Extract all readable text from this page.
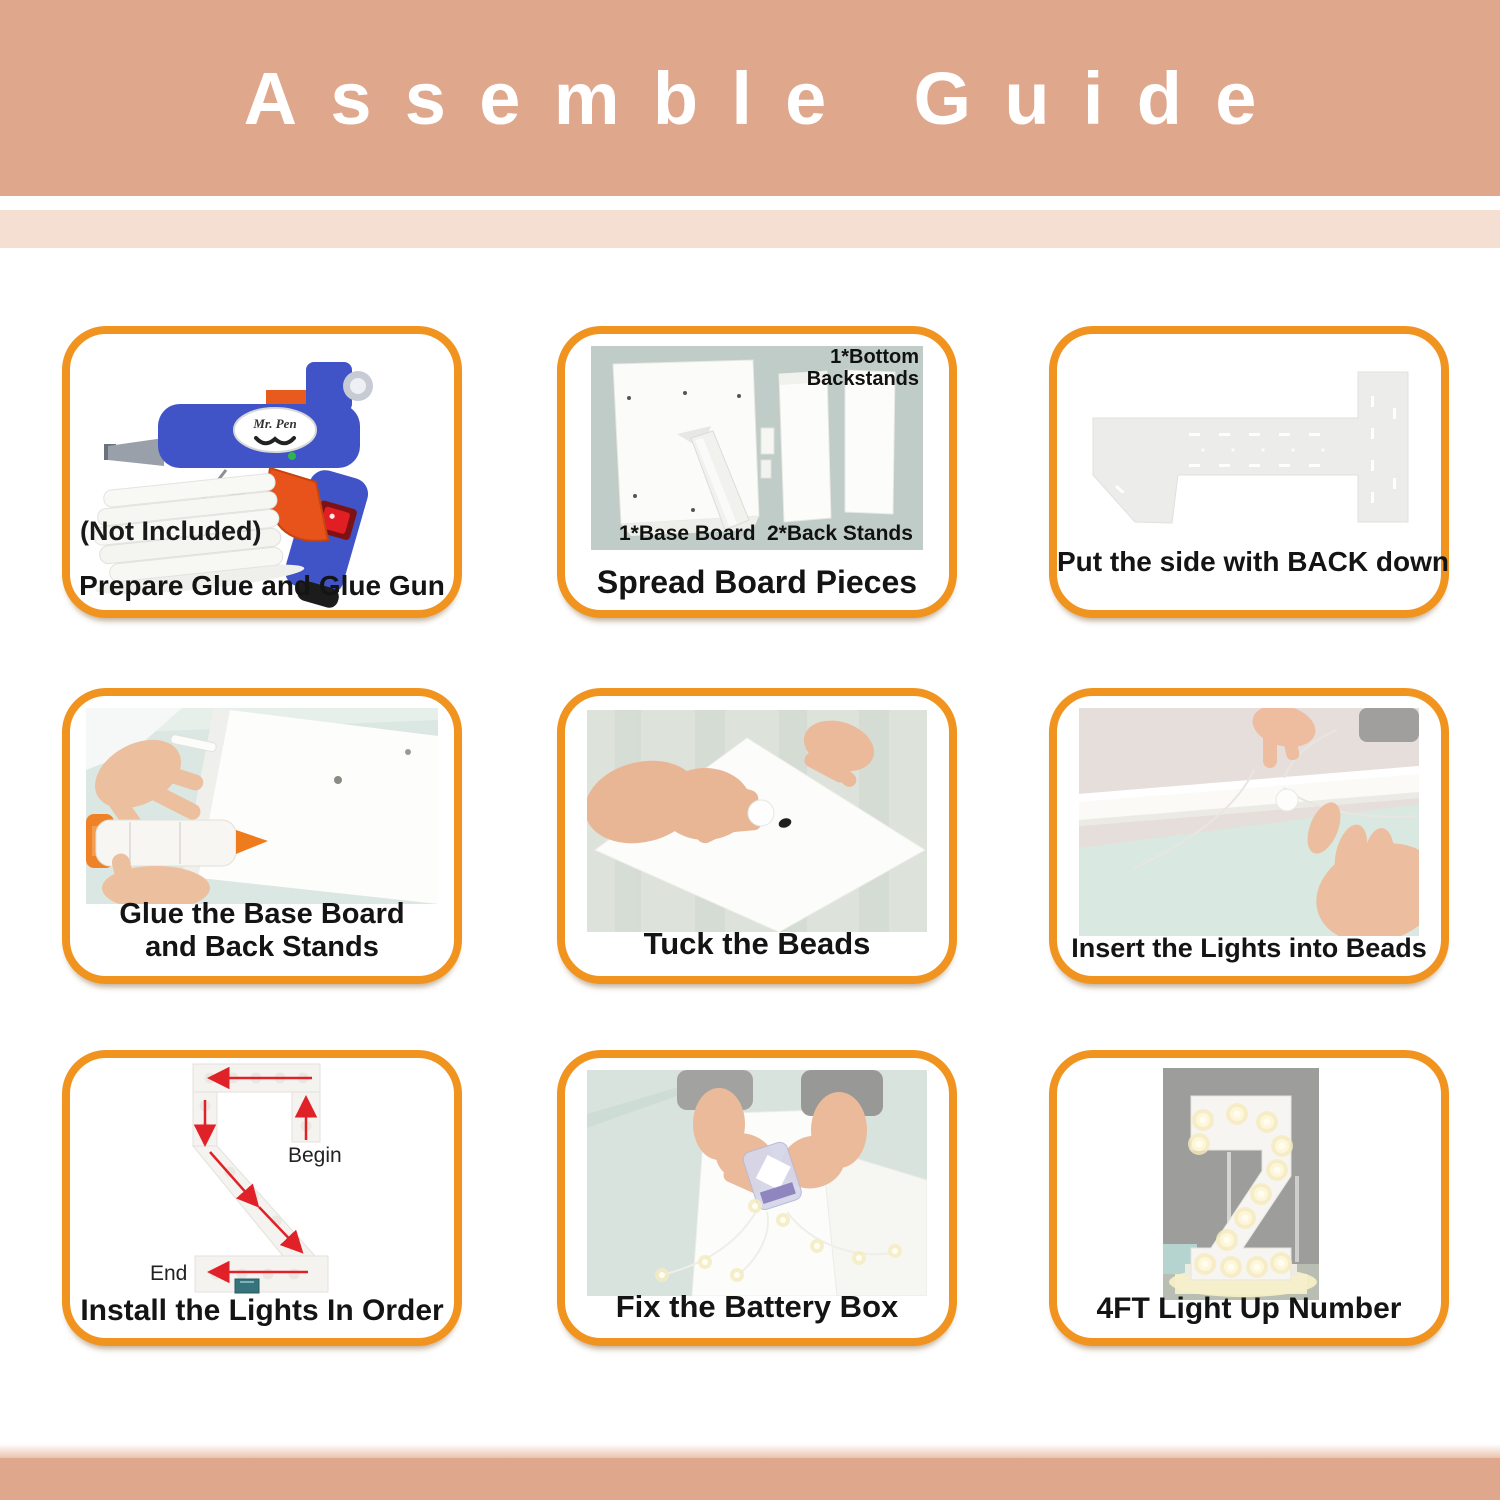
Assemble Guide
Mr. Pen
(Not Included)
Prepare Glue and Glue Gun
1*Bottom
Backstands
1*Base Board 2*Back Stands
Spread Board Pieces
Put the side with BACK down
Glue the Base Board
and Back Stands	Tuck the Beads	Insert the Lights into Beads
Begin
End
Install the Lights In Order	Fix the Battery Box	4FT Light Up Number
